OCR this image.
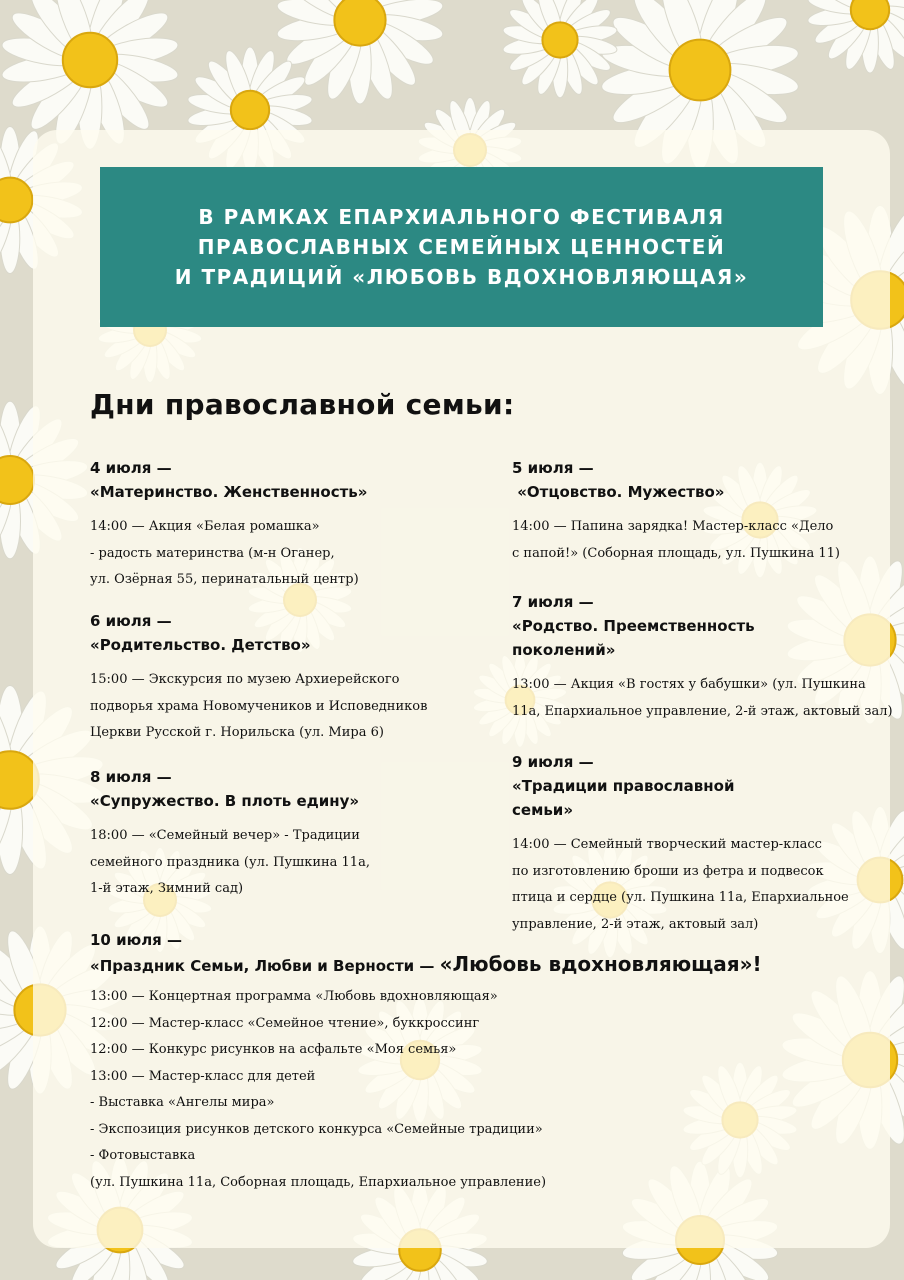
В РАМКАХ ЕПАРХИАЛЬНОГО ФЕСТИВАЛЯ
ПРАВОСЛАВНЫХ СЕМЕЙНЫХ ЦЕННОСТЕЙ
И ТРАДИЦИЙ «ЛЮБОВЬ ВДОХНОВЛЯЮЩАЯ»
Дни православной семьи:
4 июля —
«Материнство. Женственность»
14:00 — Акция «Белая ромашка»
- радость материнства (м-н Оганер,
ул. Озёрная 55, перинатальный центр)
5 июля —
«Отцовство. Мужество»
14:00 — Папина зарядка! Мастер-класс «Дело
с папой!» (Соборная площадь, ул. Пушкина 11)
6 июля —
«Родительство. Детство»
15:00 — Экскурсия по музею Архиерейского
подворья храма Новомучеников и Исповедников
Церкви Русской г. Норильска (ул. Мира 6)
7 июля —
«Родство. Преемственность
поколений»
13:00 — Акция «В гостях у бабушки» (ул. Пушкина
11а, Епархиальное управление, 2-й этаж, актовый зал)
8 июля —
«Супружество. В плоть едину»
18:00 — «Семейный вечер» - Традиции
семейного праздника (ул. Пушкина 11а,
1-й этаж, Зимний сад)
9 июля —
«Традиции православной
семьи»
14:00 — Семейный творческий мастер-класс
по изготовлению броши из фетра и подвесок
птица и сердце (ул. Пушкина 11а, Епархиальное
управление, 2-й этаж, актовый зал)
10 июля —
«Праздник Семьи, Любви и Верности — «Любовь вдохновляющая»!
13:00 — Концертная программа «Любовь вдохновляющая»
12:00 — Мастер-класс «Семейное чтение», буккроссинг
12:00 — Конкурс рисунков на асфальте «Моя семья»
13:00 — Мастер-класс для детей
- Выставка «Ангелы мира»
- Экспозиция рисунков детского конкурса «Семейные традиции»
- Фотовыставка
(ул. Пушкина 11а, Соборная площадь, Епархиальное управление)
